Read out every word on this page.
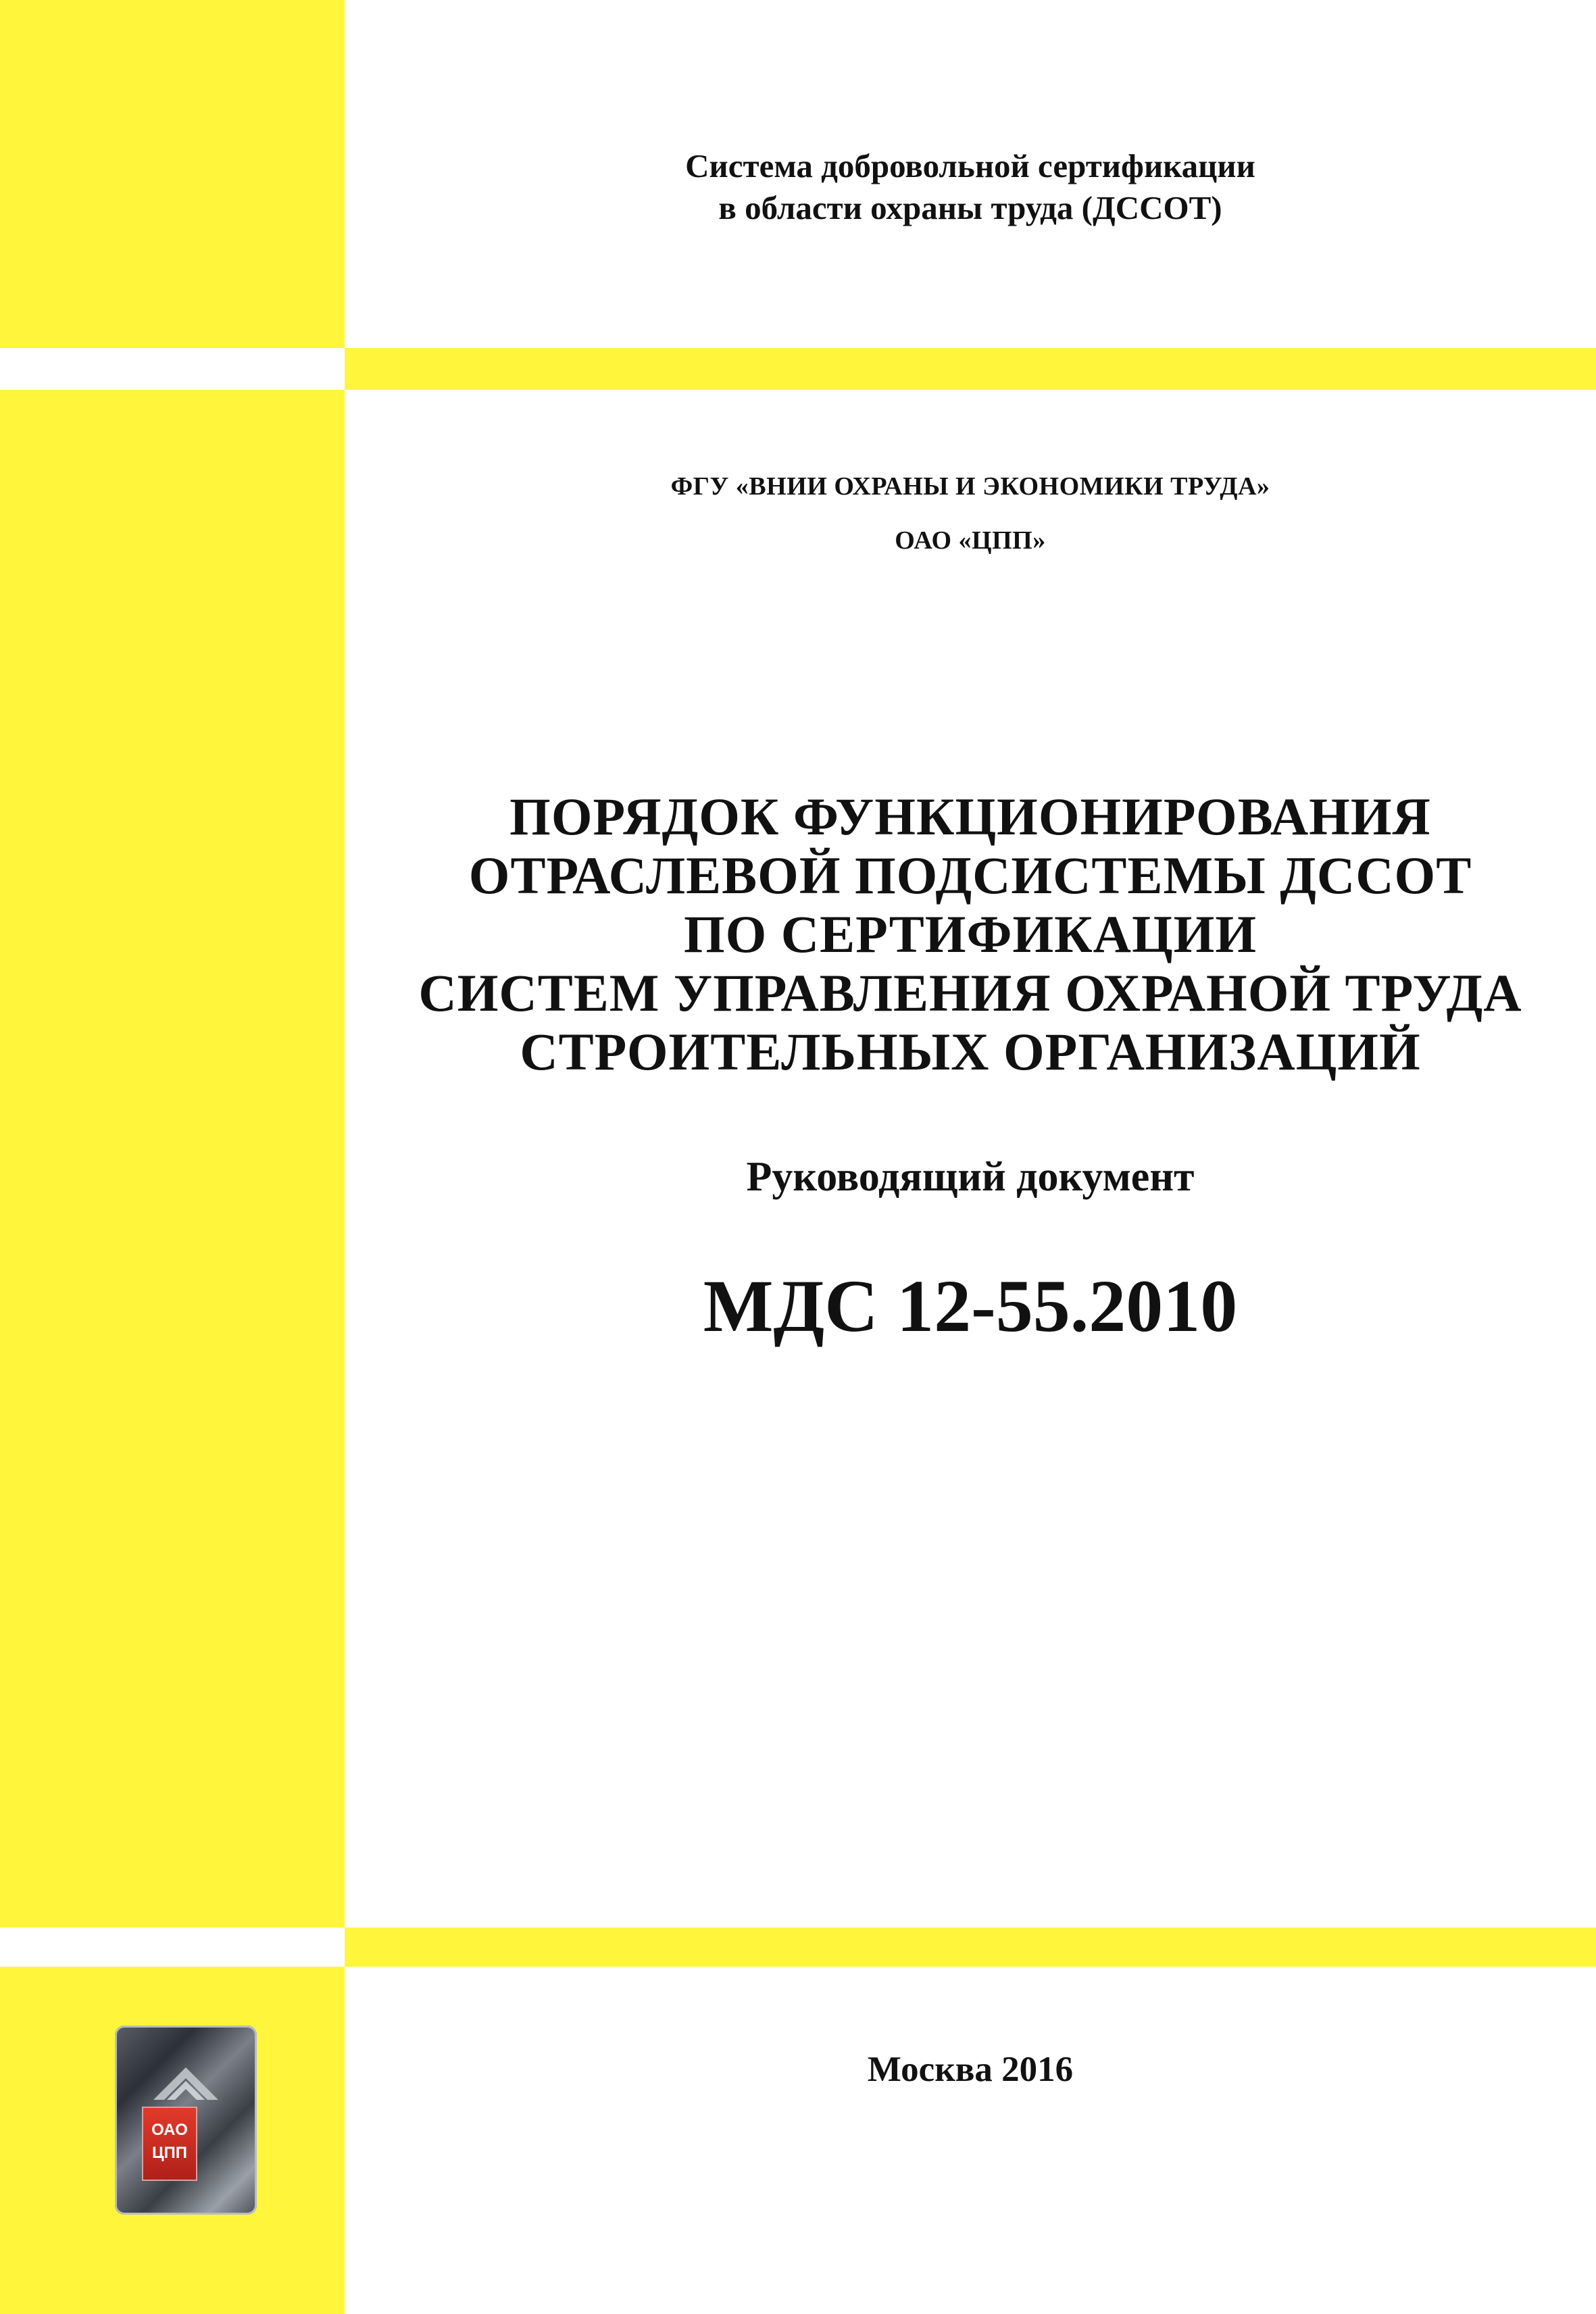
Система добровольной сертификации
в области охраны труда (ДССОТ)
ФГУ «ВНИИ ОХРАНЫ И ЭКОНОМИКИ ТРУДА»
ОАО «ЦПП»
ПОРЯДОК ФУНКЦИОНИРОВАНИЯ
ОТРАСЛЕВОЙ ПОДСИСТЕМЫ ДССОТ
ПО СЕРТИФИКАЦИИ
СИСТЕМ УПРАВЛЕНИЯ ОХРАНОЙ ТРУДА
СТРОИТЕЛЬНЫХ ОРГАНИЗАЦИЙ
Руководящий документ
МДС 12-55.2010
Москва 2016
ОАО
ЦПП
